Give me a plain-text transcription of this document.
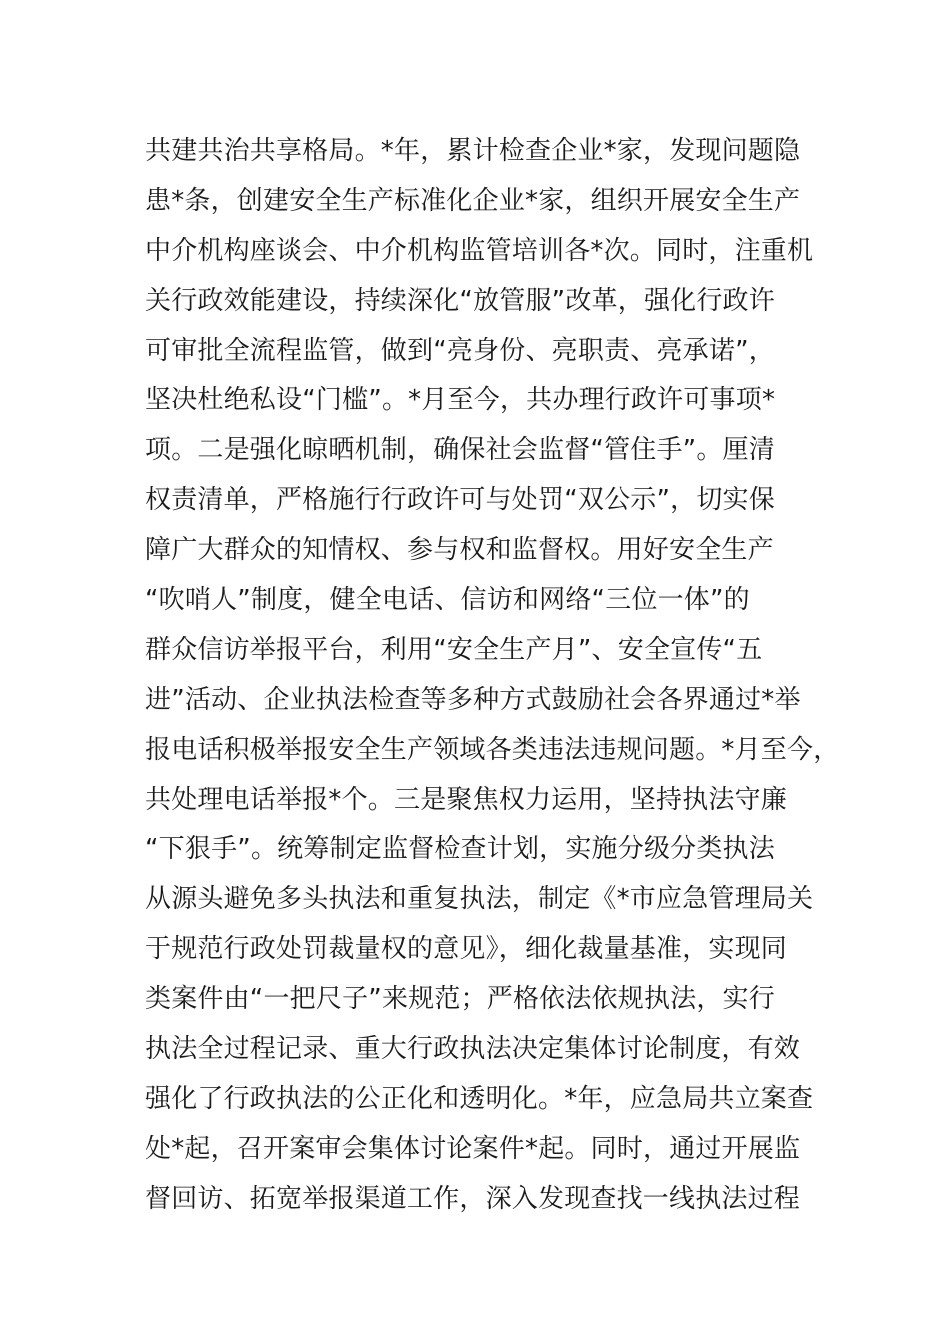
共建共治共享格局。*年，累计检查企业*家，发现问题隐
患*条，创建安全生产标准化企业*家，组织开展安全生产
中介机构座谈会、中介机构监管培训各*次。同时，注重机
关行政效能建设，持续深化“放管服”改革，强化行政许
可审批全流程监管，做到“亮身份、亮职责、亮承诺”，
坚决杜绝私设“门槛”。*月至今，共办理行政许可事项*
项。二是强化晾晒机制，确保社会监督“管住手”。厘清
权责清单，严格施行行政许可与处罚“双公示”，切实保
障广大群众的知情权、参与权和监督权。用好安全生产
“吹哨人”制度，健全电话、信访和网络“三位一体”的
群众信访举报平台，利用“安全生产月”、安全宣传“五
进”活动、企业执法检查等多种方式鼓励社会各界通过*举
报电话积极举报安全生产领域各类违法违规问题。*月至今，
共处理电话举报*个。三是聚焦权力运用，坚持执法守廉
“下狠手”。统筹制定监督检查计划，实施分级分类执法
从源头避免多头执法和重复执法，制定《*市应急管理局关
于规范行政处罚裁量权的意见》，细化裁量基准，实现同
类案件由“一把尺子”来规范；严格依法依规执法，实行
执法全过程记录、重大行政执法决定集体讨论制度，有效
强化了行政执法的公正化和透明化。*年，应急局共立案查
处*起，召开案审会集体讨论案件*起。同时，通过开展监
督回访、拓宽举报渠道工作，深入发现查找一线执法过程
